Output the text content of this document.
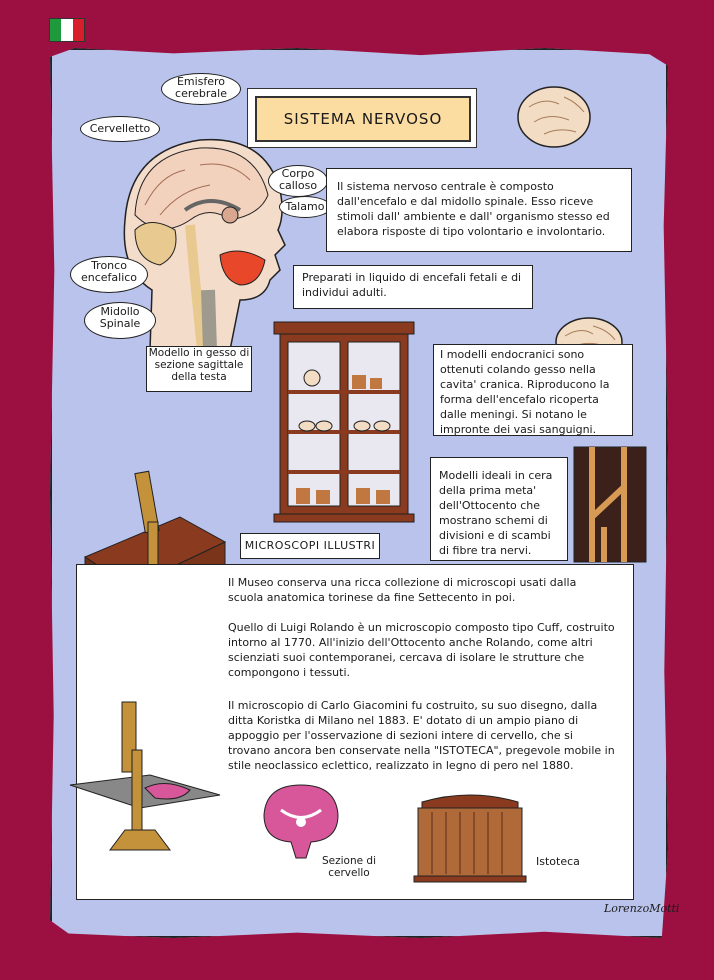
SISTEMA NERVOSO
Emisfero cerebrale
Cervelletto
Corpo calloso
Talamo
Tronco encefalico
Midollo Spinale
Modello in gesso di sezione sagittale della testa
Il sistema nervoso centrale è composto dall'encefalo e dal midollo spinale. Esso riceve stimoli dall' ambiente e dall' organismo stesso ed elabora risposte di tipo volontario e involontario.
Preparati in liquido di encefali fetali e di individui adulti.
I modelli endocranici sono ottenuti colando gesso nella cavita' cranica. Riproducono la forma dell'encefalo ricoperta dalle meningi. Si notano le impronte dei vasi sanguigni.
Modelli ideali in cera della prima meta' dell'Ottocento che mostrano schemi di divisioni e di scambi di fibre tra nervi.
MICROSCOPI ILLUSTRI
Il Museo conserva una ricca collezione di microscopi usati dalla scuola anatomica torinese da fine Settecento in poi.
Quello di Luigi Rolando è un microscopio composto tipo Cuff, costruito intorno al 1770. All'inizio dell'Ottocento anche Rolando, come altri scienziati suoi contemporanei, cercava di isolare le strutture che compongono i tessuti.
Il microscopio di Carlo Giacomini fu costruito, su suo disegno, dalla ditta Koristka di Milano nel 1883. E' dotato di un ampio piano di appoggio per l'osservazione di sezioni intere di cervello, che si trovano ancora ben conservate nella "ISTOTECA", pregevole mobile in stile neoclassico eclettico, realizzato in legno di pero nel 1880.
Sezione di cervello
Istoteca
LorenzoMotti
